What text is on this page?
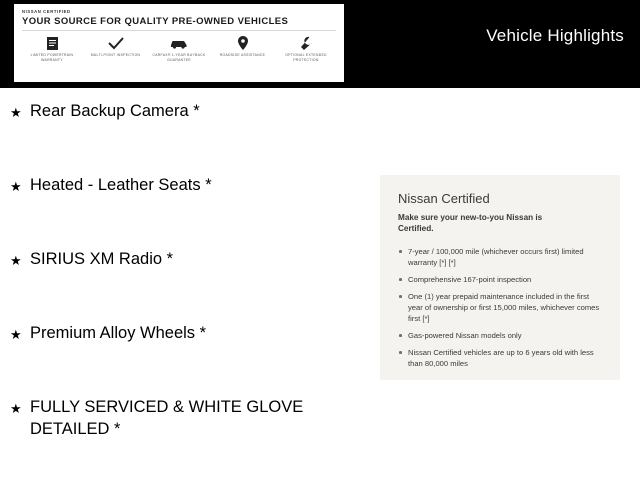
NISSAN CERTIFIED
YOUR SOURCE FOR QUALITY PRE-OWNED VEHICLES
LIMITED POWERTRAIN WARRANTY
MULTI-POINT INSPECTION	CARFAX® 1-YEAR BUYBACK GUARANTEE
ROADSIDE ASSISTANCE	OPTIONAL EXTENDED PROTECTION
Vehicle Highlights
★ Rear Backup Camera *
★ Heated - Leather Seats *
★ SIRIUS XM Radio *
★ Premium Alloy Wheels *
★ FULLY SERVICED & WHITE GLOVE DETAILED *
Nissan Certified
Make sure your new-to-you Nissan is Certified.
7-year / 100,000 mile (whichever occurs first) limited warranty [*] [*]
Comprehensive 167-point inspection
One (1) year prepaid maintenance included in the first year of ownership or first 15,000 miles, whichever comes first [*]
Gas-powered Nissan models only
Nissan Certified vehicles are up to 6 years old with less than 80,000 miles
